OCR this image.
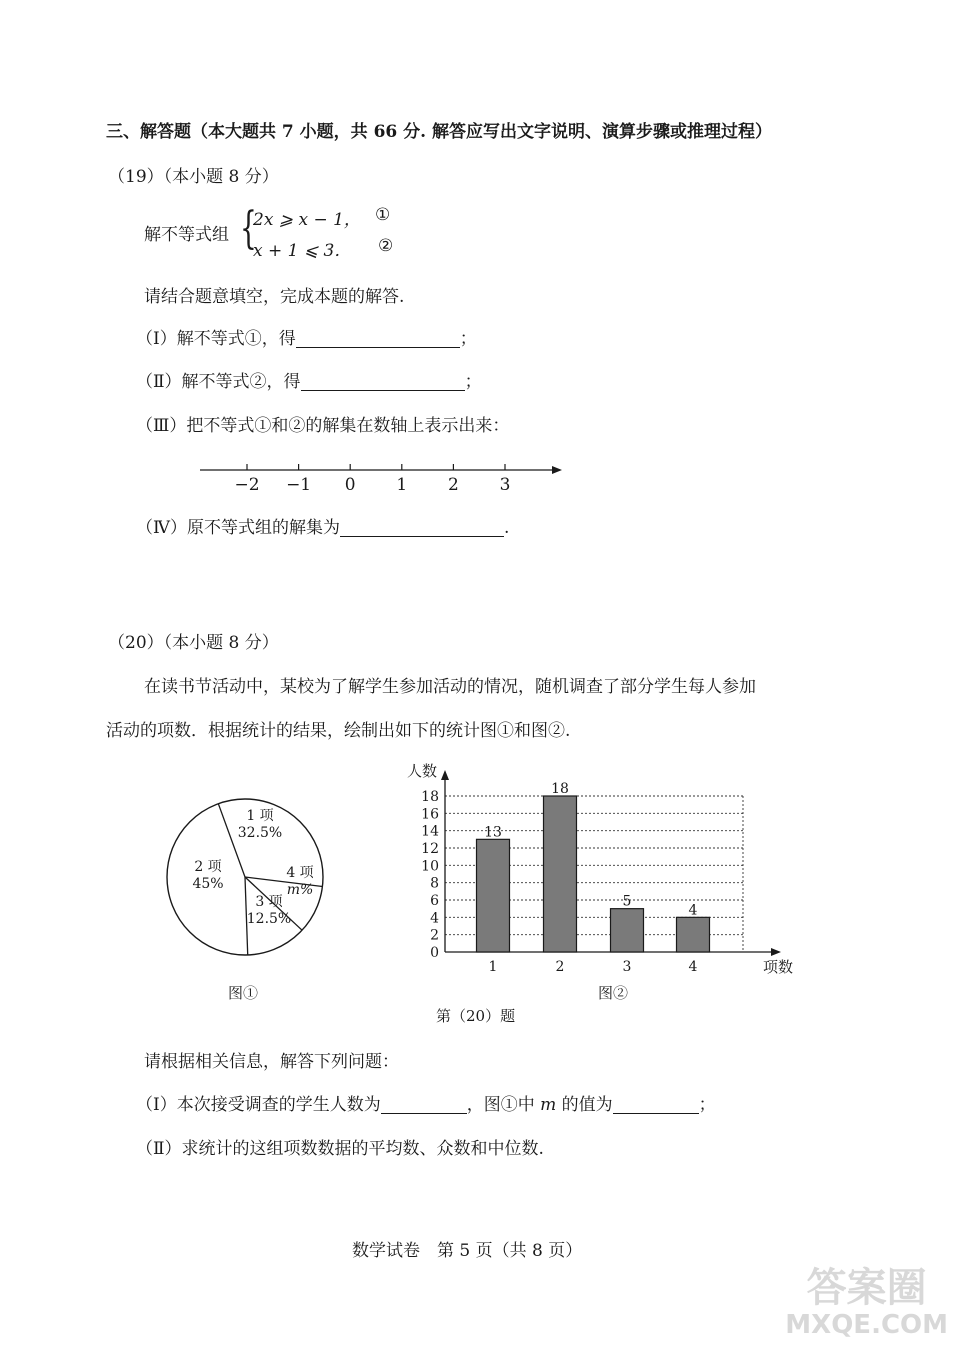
三、解答题（本大题共 7 小题，共 66 分. 解答应写出文字说明、演算步骤或推理过程）
（19）（本小题 8 分）
解不等式组 {
2x ⩾ x − 1， ①
x + 1 ⩽ 3． ②
请结合题意填空，完成本题的解答.
（Ⅰ）解不等式①，得	；
（Ⅱ）解不等式②，得	；
（Ⅲ）把不等式①和②的解集在数轴上表示出来：
−2 −1 0 1 2 3
（Ⅳ）原不等式组的解集为	.
（20）（本小题 8 分）
在读书节活动中，某校为了解学生参加活动的情况，随机调查了部分学生每人参加
活动的项数．根据统计的结果，绘制出如下的统计图①和图②.
1 项 32.5%
4 项 m%
3 项 12.5%
2 项 45%
图①
0
2
4
6
8
10
12
14
16
18
人数
项数
13
1
18
2
5
3
4
4
图②
第（20）题
请根据相关信息，解答下列问题：
（Ⅰ）本次接受调查的学生人数为	，图①中 m 的值为	；
（Ⅱ）求统计的这组项数数据的平均数、众数和中位数.
数学试卷　第 5 页（共 8 页）
答案圈
MXQE.COM
